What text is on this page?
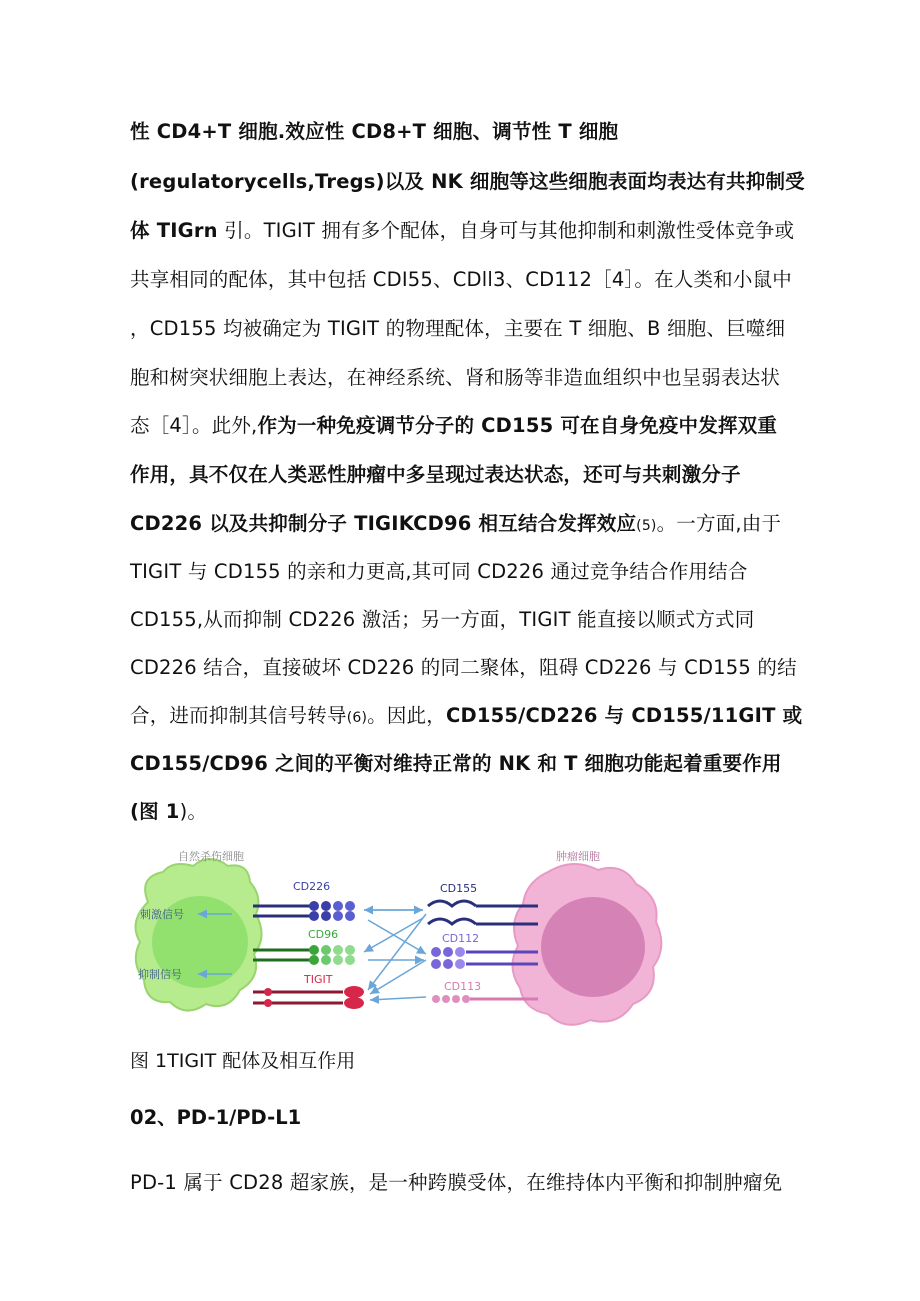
性 CD4+T 细胞.效应性 CD8+T 细胞、调节性 T 细胞
(regulatorycells,Tregs)以及 NK 细胞等这些细胞表面均表达有共抑制受
体 TIGrn 引。TIGIT 拥有多个配体，自身可与其他抑制和刺激性受体竞争或
共享相同的配体，其中包括 CDI55、CDll3、CD112［4］。在人类和小鼠中
，CD155 均被确定为 TIGIT 的物理配体，主要在 T 细胞、B 细胞、巨噬细
胞和树突状细胞上表达，在神经系统、肾和肠等非造血组织中也呈弱表达状
态［4］。此外,作为一种免疫调节分子的 CD155 可在自身免疫中发挥双重
作用，具不仅在人类恶性肿瘤中多呈现过表达状态，还可与共刺激分子
CD226 以及共抑制分子 TIGIKCD96 相互结合发挥效应(5)。一方面,由于
TIGIT 与 CD155 的亲和力更高,其可同 CD226 通过竞争结合作用结合
CD155,从而抑制 CD226 激活；另一方面，TIGIT 能直接以顺式方式同
CD226 结合，直接破坏 CD226 的同二聚体，阻碍 CD226 与 CD155 的结
合，进而抑制其信号转导(6)。因此，CD155/CD226 与 CD155∕11GIT 或
CD155/CD96 之间的平衡对维持正常的 NK 和 T 细胞功能起着重要作用
(图 1)。
自然杀伤细胞
刺激信号
抑制信号
肿瘤细胞
CD226
CD96
TIGIT
CD155
CD112
CD113
图 1TIGIT 配体及相互作用
02、PD-1/PD-L1
PD-1 属于 CD28 超家族，是一种跨膜受体，在维持体内平衡和抑制肿瘤免
